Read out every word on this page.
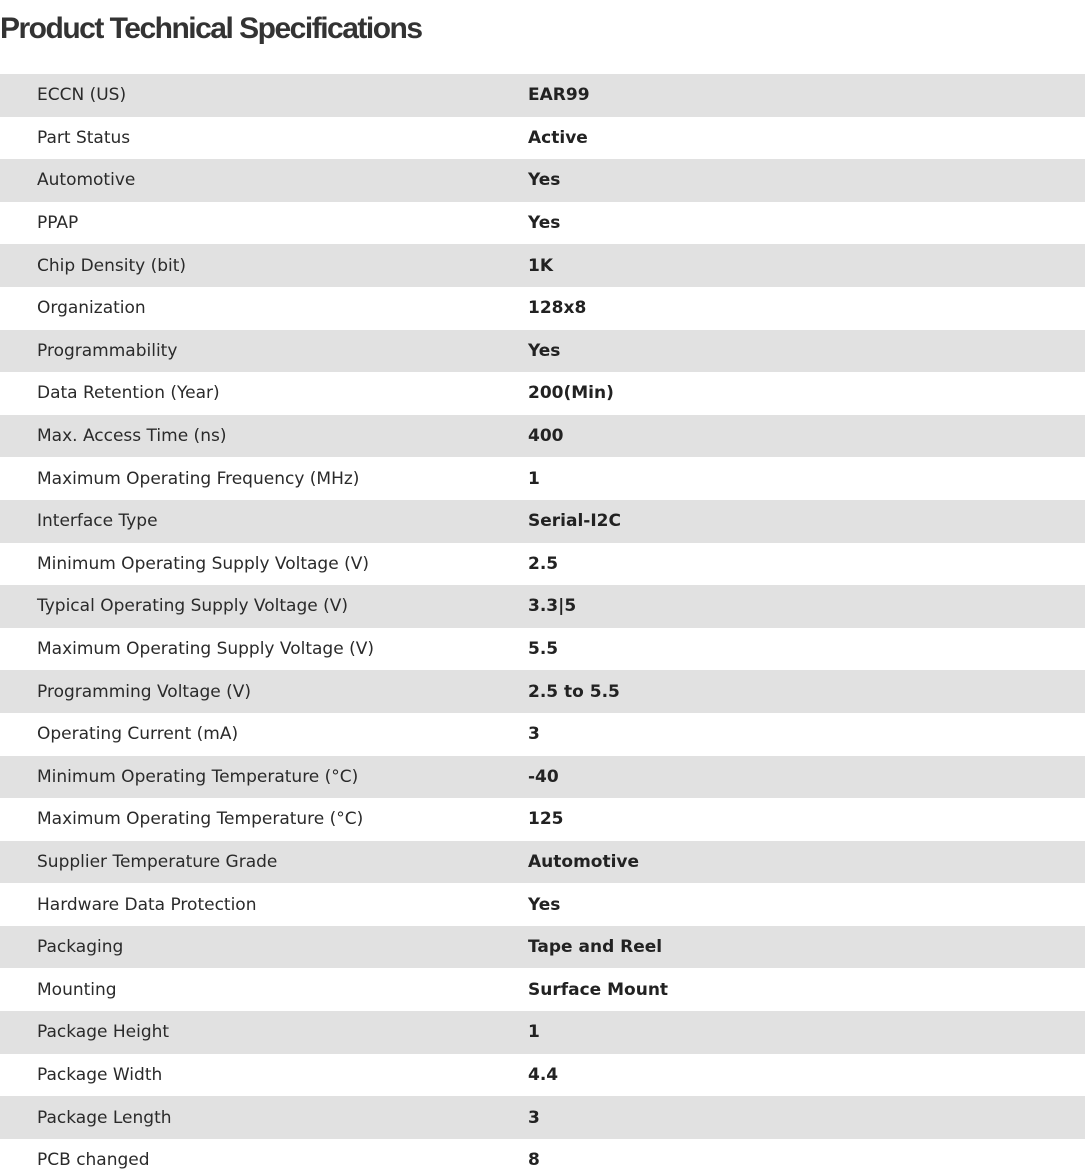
Product Technical Specifications
ECCN (US)	EAR99
Part Status	Active
Automotive	Yes
PPAP	Yes
Chip Density (bit)	1K
Organization	128x8
Programmability	Yes
Data Retention (Year)	200(Min)
Max. Access Time (ns)	400
Maximum Operating Frequency (MHz)	1
Interface Type	Serial-I2C
Minimum Operating Supply Voltage (V)	2.5
Typical Operating Supply Voltage (V)	3.3|5
Maximum Operating Supply Voltage (V)	5.5
Programming Voltage (V)	2.5 to 5.5
Operating Current (mA)	3
Minimum Operating Temperature (°C)	-40
Maximum Operating Temperature (°C)	125
Supplier Temperature Grade	Automotive
Hardware Data Protection	Yes
Packaging	Tape and Reel
Mounting	Surface Mount
Package Height	1
Package Width	4.4
Package Length	3
PCB changed	8
